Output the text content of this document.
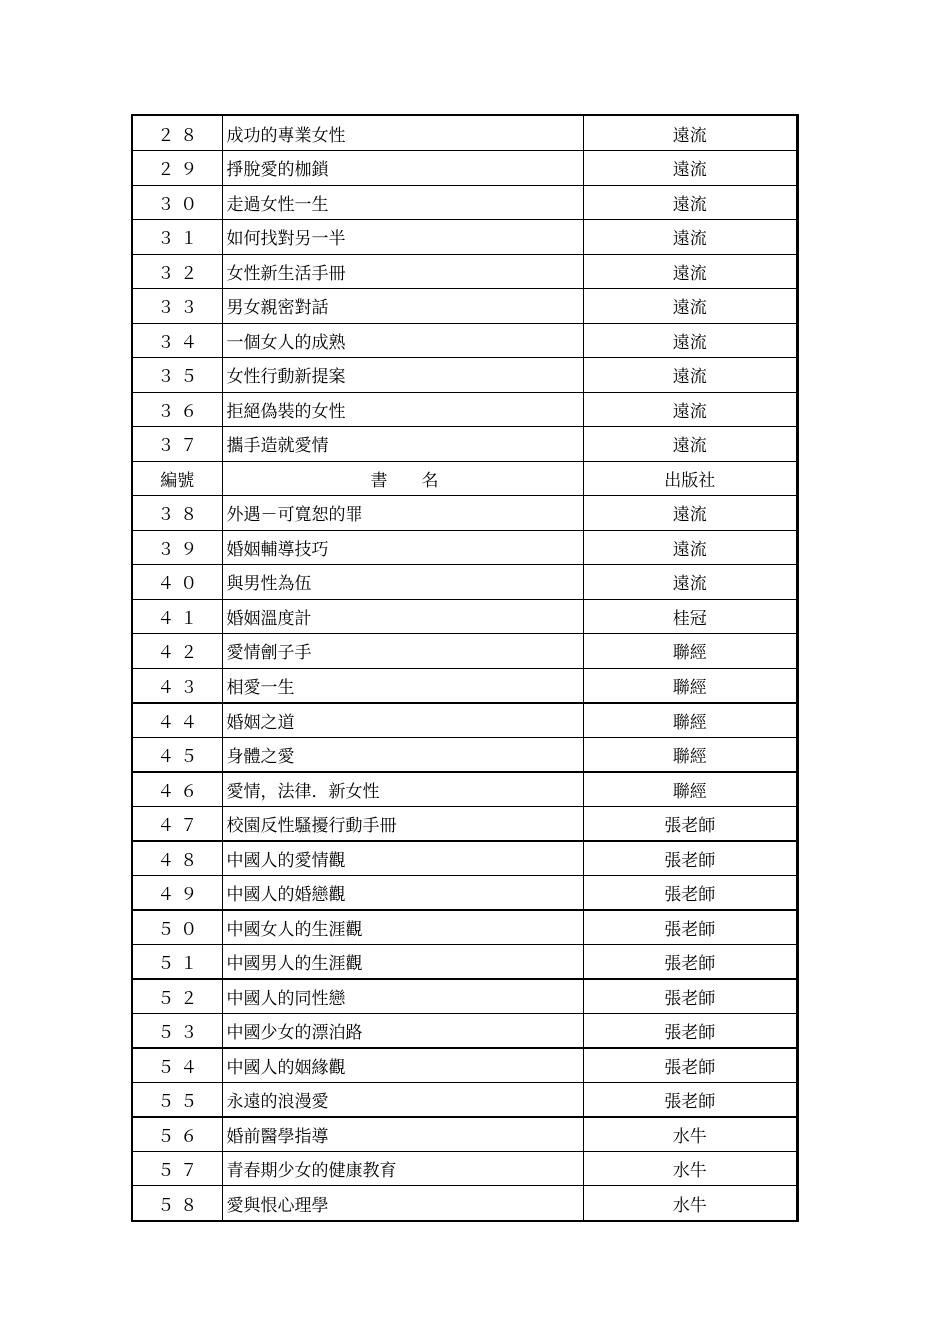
２８	成功的專業女性	遠流
２９	掙脫愛的枷鎖	遠流
３０	走過女性一生	遠流
３１	如何找對另一半	遠流
３２	女性新生活手冊	遠流
３３	男女親密對話	遠流
３４	一個女人的成熟	遠流
３５	女性行動新提案	遠流
３６	拒絕偽裝的女性	遠流
３７	攜手造就愛情	遠流
編號	書　　名	出版社
３８	外遇－可寬恕的罪	遠流
３９	婚姻輔導技巧	遠流
４０	與男性為伍	遠流
４１	婚姻溫度計	桂冠
４２	愛情劊子手	聯經
４３	相愛一生	聯經
４４	婚姻之道	聯經
４５	身體之愛	聯經
４６	愛情，法律．新女性	聯經
４７	校園反性騷擾行動手冊	張老師
４８	中國人的愛情觀	張老師
４９	中國人的婚戀觀	張老師
５０	中國女人的生涯觀	張老師
５１	中國男人的生涯觀	張老師
５２	中國人的同性戀	張老師
５３	中國少女的漂泊路	張老師
５４	中國人的姻緣觀	張老師
５５	永遠的浪漫愛	張老師
５６	婚前醫學指導	水牛
５７	青春期少女的健康教育	水牛
５８	愛與恨心理學	水牛
